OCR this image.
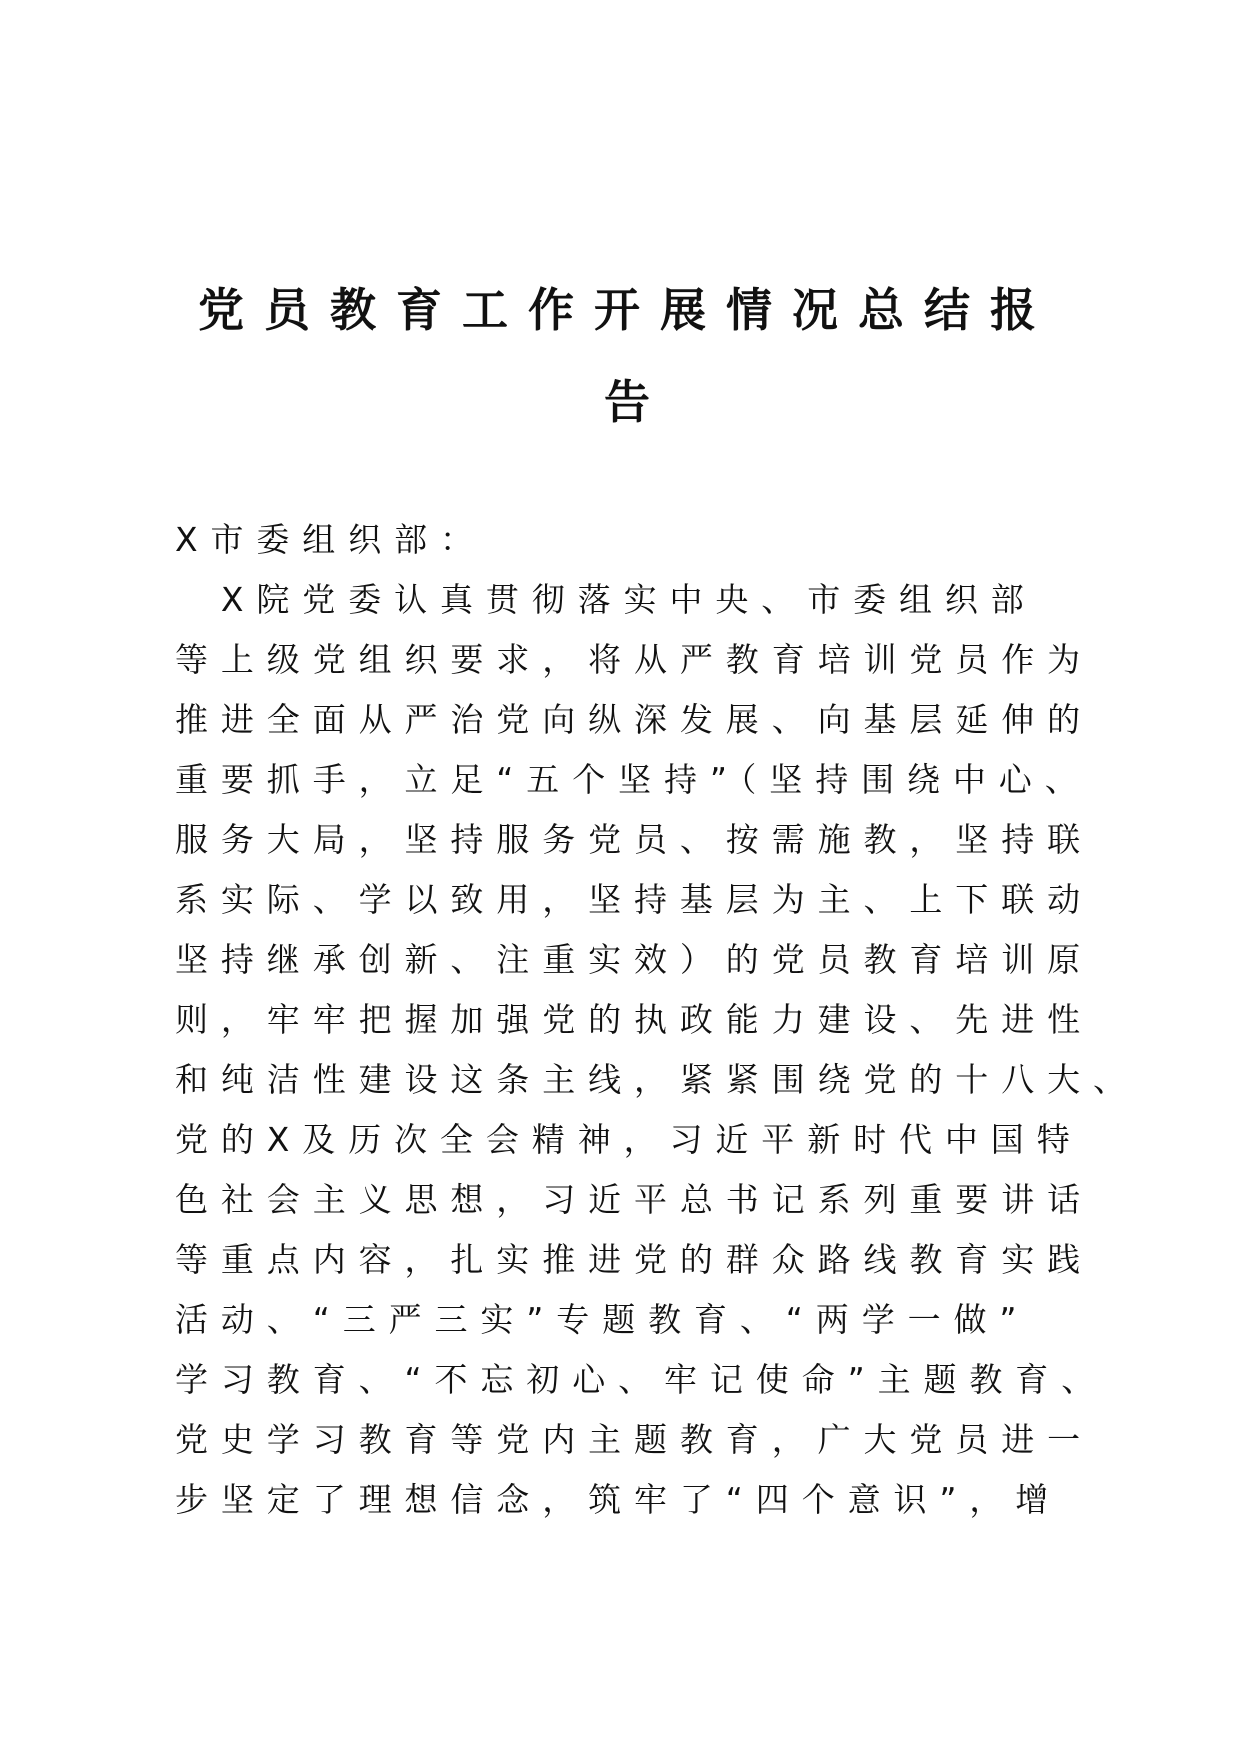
党员教育工作开展情况总结报
告
X市委组织部：
　X院党委认真贯彻落实中央、市委组织部
等上级党组织要求，将从严教育培训党员作为
推进全面从严治党向纵深发展、向基层延伸的
重要抓手，立足“五个坚持”（坚持围绕中心、
服务大局，坚持服务党员、按需施教，坚持联
系实际、学以致用，坚持基层为主、上下联动
坚持继承创新、注重实效）的党员教育培训原
则，牢牢把握加强党的执政能力建设、先进性
和纯洁性建设这条主线，紧紧围绕党的十八大、
党的X及历次全会精神，习近平新时代中国特
色社会主义思想，习近平总书记系列重要讲话
等重点内容，扎实推进党的群众路线教育实践
活动、“三严三实”专题教育、“两学一做”
学习教育、“不忘初心、牢记使命”主题教育、
党史学习教育等党内主题教育，广大党员进一
步坚定了理想信念，筑牢了“四个意识”，增
